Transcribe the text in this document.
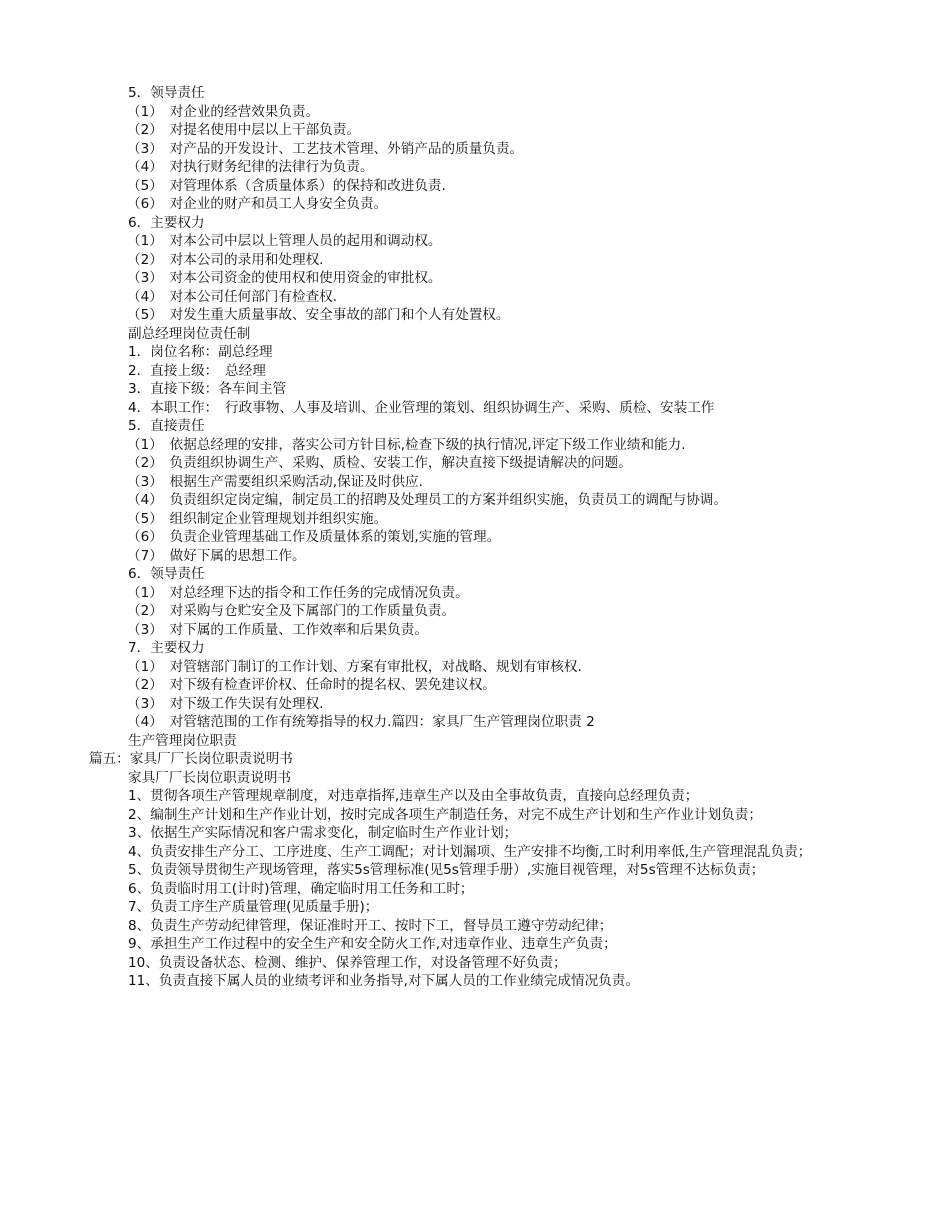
5．领导责任
（1）　对企业的经营效果负责。
（2）　对提名使用中层以上干部负责。
（3）　对产品的开发设计、工艺技术管理、外销产品的质量负责。
（4）　对执行财务纪律的法律行为负责。
（5）　对管理体系（含质量体系）的保持和改进负责.
（6）　对企业的财产和员工人身安全负责。
6．主要权力
（1）　对本公司中层以上管理人员的起用和调动权。
（2）　对本公司的录用和处理权.
（3）　对本公司资金的使用权和使用资金的审批权。
（4）　对本公司任何部门有检查权.
（5）　对发生重大质量事故、安全事故的部门和个人有处置权。
副总经理岗位责任制
1．岗位名称：副总经理
2．直接上级：　总经理
3．直接下级：各车间主管
4．本职工作：　行政事物、人事及培训、企业管理的策划、组织协调生产、采购、质检、安装工作
5．直接责任
（1）　依据总经理的安排，落实公司方针目标,检查下级的执行情况,评定下级工作业绩和能力.
（2）　负责组织协调生产、采购、质检、安装工作，解决直接下级提请解决的问题。
（3）　根据生产需要组织采购活动,保证及时供应.
（4）　负责组织定岗定编，制定员工的招聘及处理员工的方案并组织实施，负责员工的调配与协调。
（5）　组织制定企业管理规划并组织实施。
（6）　负责企业管理基础工作及质量体系的策划,实施的管理。
（7）　做好下属的思想工作。
6．领导责任
（1）　对总经理下达的指令和工作任务的完成情况负责。
（2）　对采购与仓贮安全及下属部门的工作质量负责。
（3）　对下属的工作质量、工作效率和后果负责。
7．主要权力
（1）　对管辖部门制订的工作计划、方案有审批权，对战略、规划有审核权.
（2）　对下级有检查评价权、任命时的提名权、罢免建议权。
（3）　对下级工作失误有处理权.
（4）　对管辖范围的工作有统筹指导的权力.篇四：家具厂生产管理岗位职责 2
生产管理岗位职责
篇五：家具厂厂长岗位职责说明书
家具厂厂长岗位职责说明书
1、贯彻各项生产管理规章制度，对违章指挥,违章生产以及由全事故负责，直接向总经理负责；
2、编制生产计划和生产作业计划，按时完成各项生产制造任务，对完不成生产计划和生产作业计划负责；
3、依据生产实际情况和客户需求变化，制定临时生产作业计划；
4、负责安排生产分工、工序进度、生产工调配；对计划漏项、生产安排不均衡,工时利用率低,生产管理混乱负责；
5、负责领导贯彻生产现场管理，落实5s管理标准(见5s管理手册）,实施目视管理，对5s管理不达标负责；
6、负责临时用工(计时)管理，确定临时用工任务和工时；
7、负责工序生产质量管理(见质量手册)；
8、负责生产劳动纪律管理，保证准时开工、按时下工，督导员工遵守劳动纪律；
9、承担生产工作过程中的安全生产和安全防火工作,对违章作业、违章生产负责；
10、负责设备状态、检测、维护、保养管理工作，对设备管理不好负责；
11、负责直接下属人员的业绩考评和业务指导,对下属人员的工作业绩完成情况负责。
